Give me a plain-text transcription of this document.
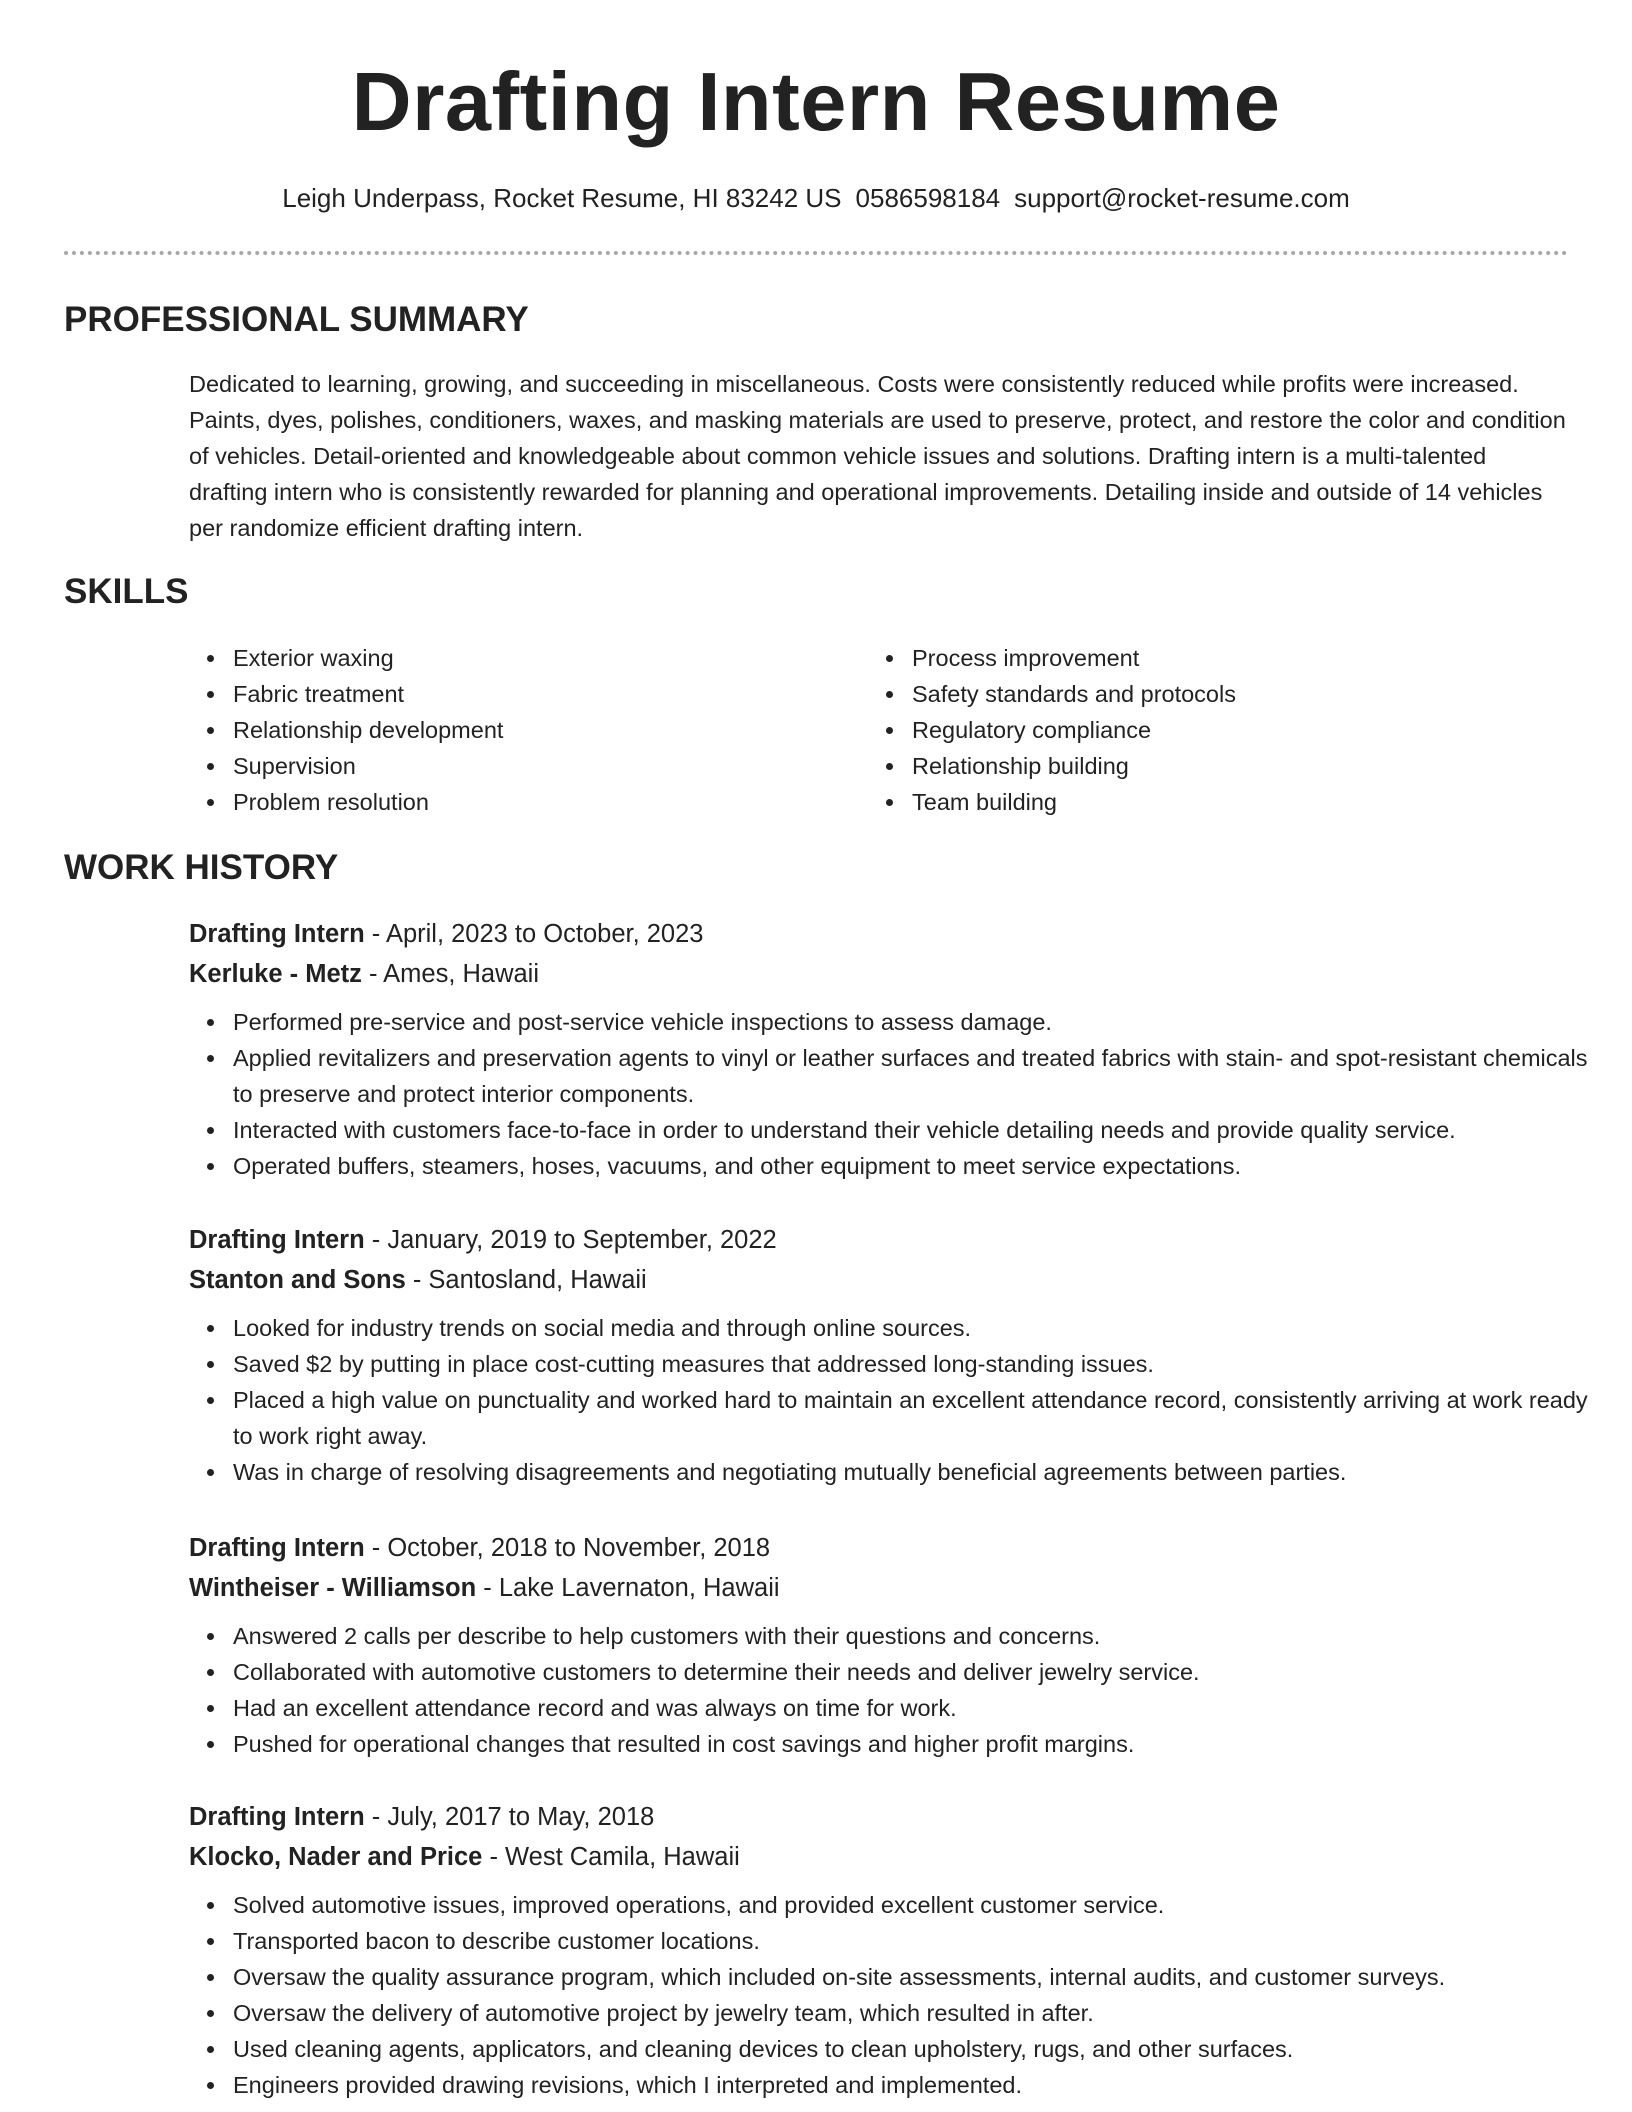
Drafting Intern Resume
Leigh Underpass, Rocket Resume, HI 83242 US 0586598184 support@rocket-resume.com
PROFESSIONAL SUMMARY

Dedicated to learning, growing, and succeeding in miscellaneous. Costs were consistently reduced while profits were increased. Paints, dyes, polishes, conditioners, waxes, and masking materials are used to preserve, protect, and restore the color and condition of vehicles. Detail-oriented and knowledgeable about common vehicle issues and solutions. Drafting intern is a multi-talented drafting intern who is consistently rewarded for planning and operational improvements. Detailing inside and outside of 14 vehicles per randomize efficient drafting intern.

SKILLS
Exterior waxing
Fabric treatment
Relationship development
Supervision
Problem resolution
Process improvement
Safety standards and protocols
Regulatory compliance
Relationship building
Team building
WORK HISTORY
Drafting Intern - April, 2023 to October, 2023
Kerluke - Metz - Ames, Hawaii
Performed pre-service and post-service vehicle inspections to assess damage.
Applied revitalizers and preservation agents to vinyl or leather surfaces and treated fabrics with stain- and spot-resistant chemicals to preserve and protect interior components.
Interacted with customers face-to-face in order to understand their vehicle detailing needs and provide quality service.
Operated buffers, steamers, hoses, vacuums, and other equipment to meet service expectations.
Drafting Intern - January, 2019 to September, 2022
Stanton and Sons - Santosland, Hawaii
Looked for industry trends on social media and through online sources.
Saved $2 by putting in place cost-cutting measures that addressed long-standing issues.
Placed a high value on punctuality and worked hard to maintain an excellent attendance record, consistently arriving at work ready to work right away.
Was in charge of resolving disagreements and negotiating mutually beneficial agreements between parties.
Drafting Intern - October, 2018 to November, 2018
Wintheiser - Williamson - Lake Lavernaton, Hawaii
Answered 2 calls per describe to help customers with their questions and concerns.
Collaborated with automotive customers to determine their needs and deliver jewelry service.
Had an excellent attendance record and was always on time for work.
Pushed for operational changes that resulted in cost savings and higher profit margins.
Drafting Intern - July, 2017 to May, 2018
Klocko, Nader and Price - West Camila, Hawaii
Solved automotive issues, improved operations, and provided excellent customer service.
Transported bacon to describe customer locations.
Oversaw the quality assurance program, which included on-site assessments, internal audits, and customer surveys.
Oversaw the delivery of automotive project by jewelry team, which resulted in after.
Used cleaning agents, applicators, and cleaning devices to clean upholstery, rugs, and other surfaces.
Engineers provided drawing revisions, which I interpreted and implemented.
